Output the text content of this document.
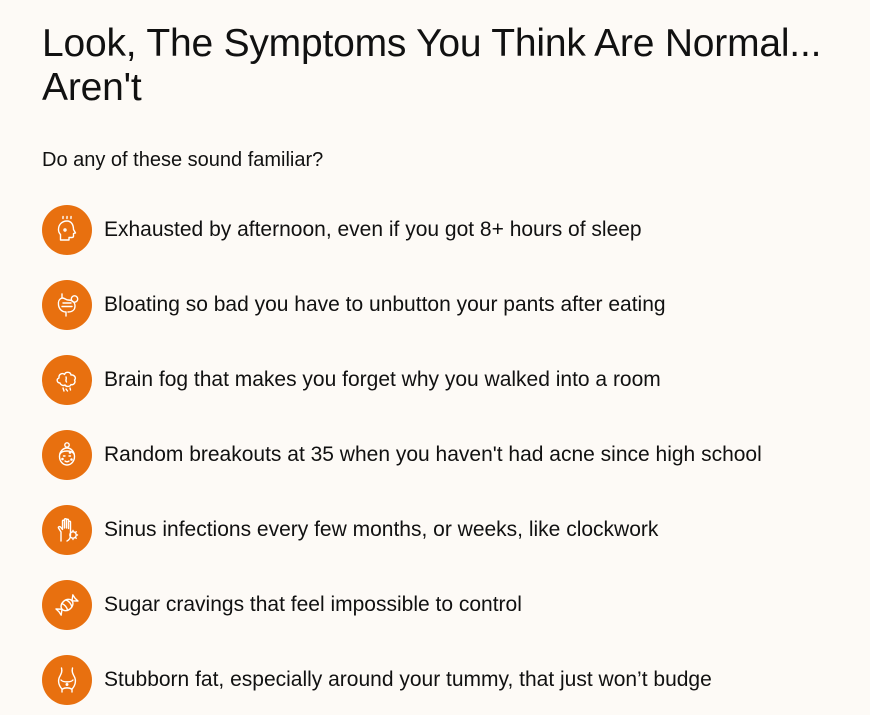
Look, The Symptoms You Think Are Normal... Aren't

Do any of these sound familiar?

Exhausted by afternoon, even if you got 8+ hours of sleep
Bloating so bad you have to unbutton your pants after eating
Brain fog that makes you forget why you walked into a room
Random breakouts at 35 when you haven't had acne since high school
Sinus infections every few months, or weeks, like clockwork
Sugar cravings that feel impossible to control
Stubborn fat, especially around your tummy, that just won’t budge
